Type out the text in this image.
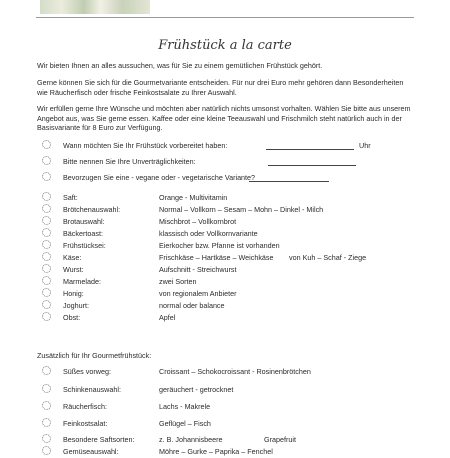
Frühstück a la carte

Wir bieten Ihnen an alles aussuchen, was für Sie zu einem gemütlichen Frühstück gehört.

Gerne können Sie sich für die Gourmetvariante entscheiden. Für nur drei Euro mehr gehören dann Besonderheiten wie Räucherfisch oder frische Feinkostsalate zu Ihrer Auswahl.

Wir erfüllen gerne Ihre Wünsche und möchten aber natürlich nichts umsonst vorhalten. Wählen Sie bitte aus unserem Angebot aus, was Sie gerne essen. Kaffee oder eine kleine Teeauswahl und Frischmilch steht natürlich auch in der Basisvariante für 8 Euro zur Verfügung.

Wann möchten Sie Ihr Frühstück vorbereitet haben:	Uhr
Bitte nennen Sie Ihre Unverträglichkeiten:
Bevorzugen Sie eine - vegane oder - vegetarische Variante?
Saft:	Orange - Multivitamin
Brötchenauswahl:	Normal – Vollkorn – Sesam – Mohn – Dinkel - Milch
Brotauswahl:	Mischbrot – Vollkornbrot
Bäckertoast:	klassisch oder Vollkornvariante
Frühstücksei:	Eierkocher bzw. Pfanne ist vorhanden
Käse:	Frischkäse – Hartkäse – Weichkäse von Kuh – Schaf - Ziege
Wurst:	Aufschnitt - Streichwurst
Marmelade:	zwei Sorten
Honig:	von regionalem Anbieter
Joghurt:	normal oder balance
Obst:	Apfel
Zusätzlich für Ihr Gourmetfrühstück:
Süßes vorweg:	Croissant – Schokocroissant - Rosinenbrötchen
Schinkenauswahl:	geräuchert - getrocknet
Räucherfisch:	Lachs - Makrele
Feinkostsalat:	Geflügel – Fisch
Besondere Saftsorten:	z. B. Johannisbeere	Grapefruit
Gemüseauswahl:	Möhre – Gurke – Paprika – Fenchel
